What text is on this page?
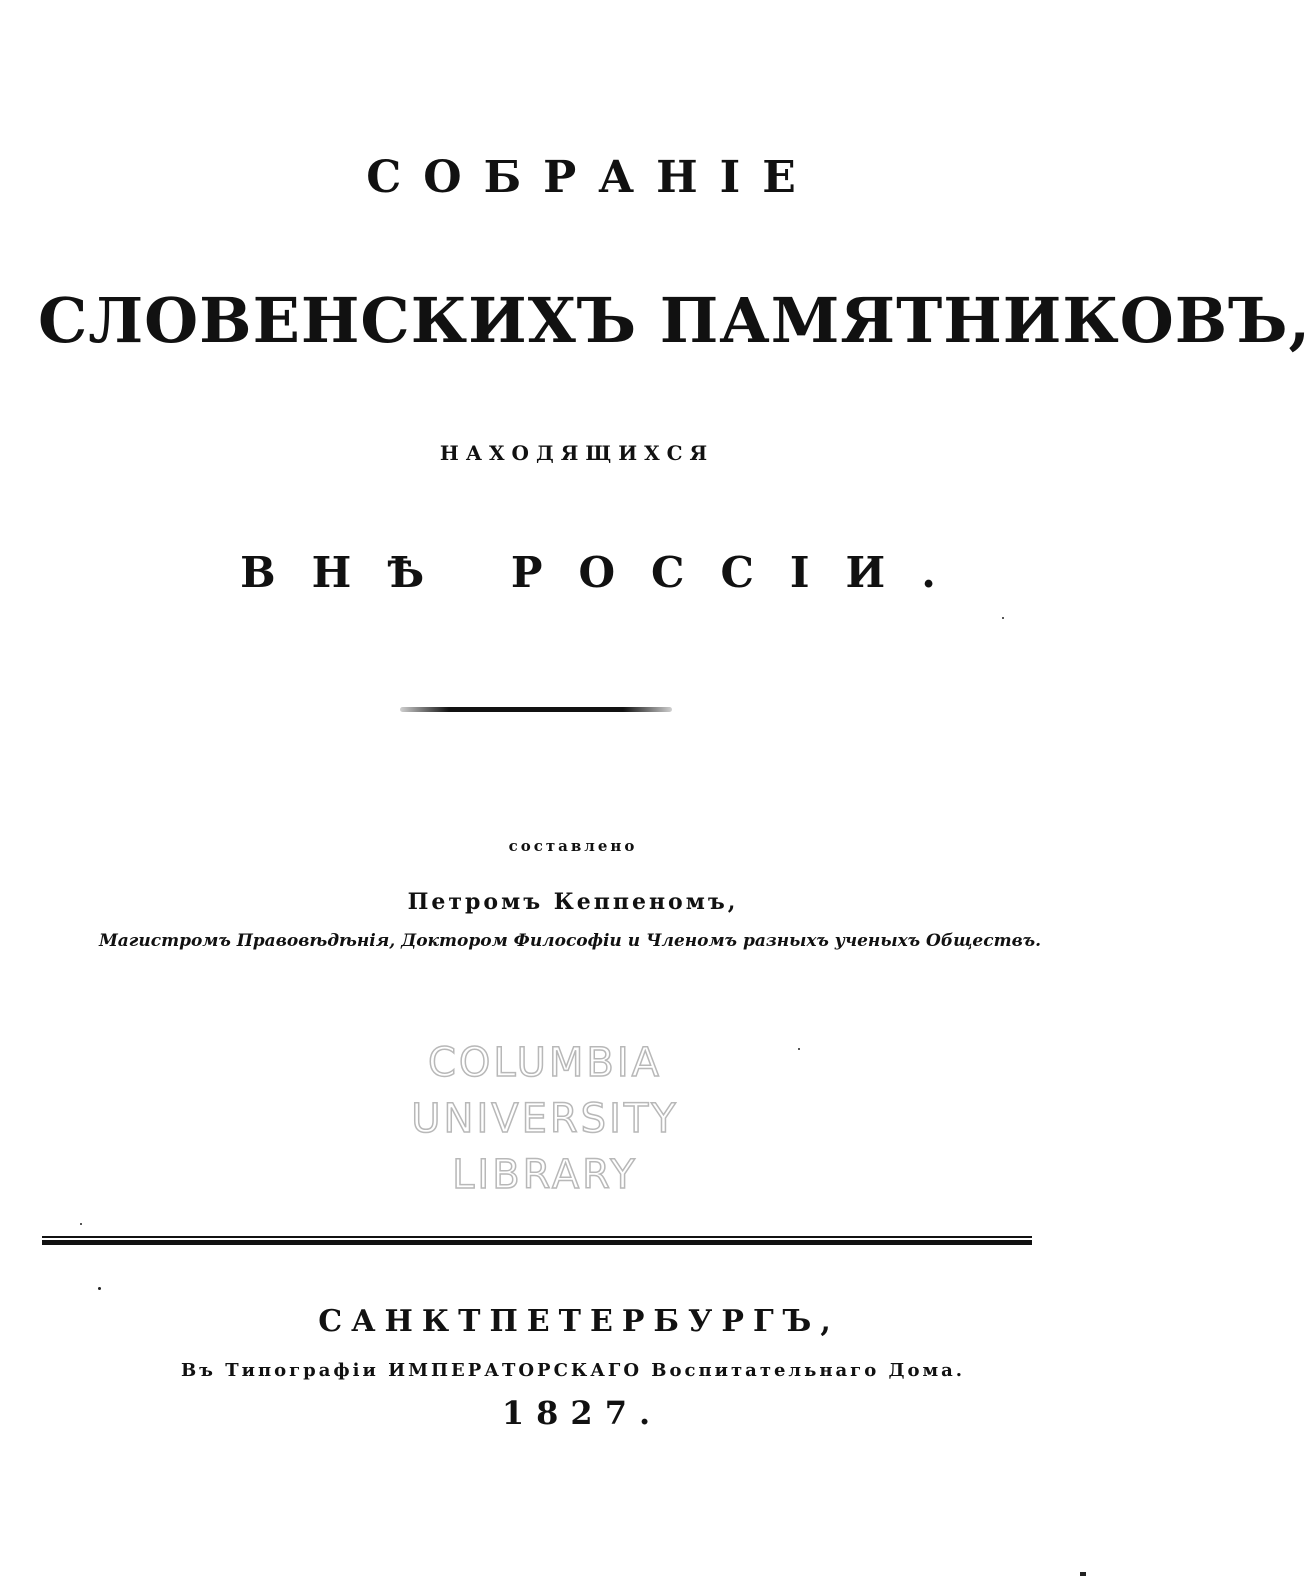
СОБРАНІЕ
СЛОВЕНСКИХЪ ПАМЯТНИКОВЪ,
НАХОДЯЩИХСЯ
ВНѢ РОССІИ.
составлено
Петромъ Кеппеномъ,
Магистромъ Правовѣдѣнія, Доктором Философіи и Членомъ разныхъ ученыхъ Обществъ.
COLUMBIA
UNIVERSITY
LIBRARY
САНКТПЕТЕРБУРГЪ,
Въ Типографіи ИМПЕРАТОРСКАГО Воспитательнаго Дома.
1827.
